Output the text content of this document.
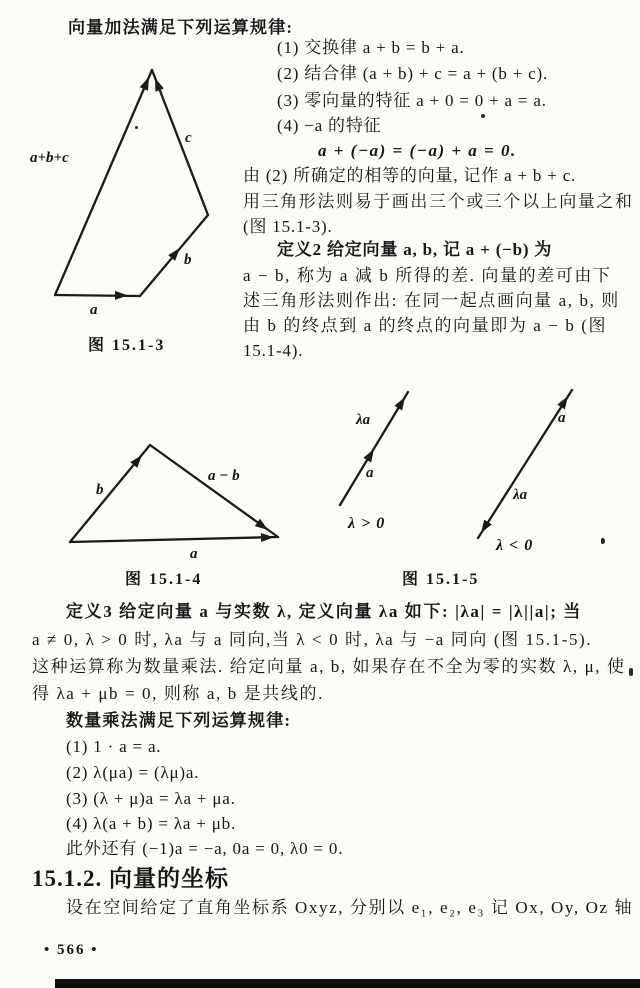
向量加法满足下列运算规律:
a+b+c
c
b
a
图 15.1-3
(1) 交换律 a + b = b + a.
(2) 结合律 (a + b) + c = a + (b + c).
(3) 零向量的特征 a + 0 = 0 + a = a.
(4) −a 的特征
a + (−a) = (−a) + a = 0.
由 (2) 所确定的相等的向量, 记作 a + b + c.
用三角形法则易于画出三个或三个以上向量之和
(图 15.1-3).
定义2 给定向量 a, b, 记 a + (−b) 为
a − b, 称为 a 减 b 所得的差. 向量的差可由下
述三角形法则作出: 在同一起点画向量 a, b, 则
由 b 的终点到 a 的终点的向量即为 a − b (图
15.1-4).
b
a − b
a
图 15.1-4
λa
a
λ > 0
a
λa
λ < 0
图 15.1-5
定义3 给定向量 a 与实数 λ, 定义向量 λa 如下: |λa| = |λ||a|; 当
a ≠ 0, λ > 0 时, λa 与 a 同向,当 λ < 0 时, λa 与 −a 同向 (图 15.1-5).
这种运算称为数量乘法. 给定向量 a, b, 如果存在不全为零的实数 λ, μ, 使
得 λa + μb = 0, 则称 a, b 是共线的.
数量乘法满足下列运算规律:
(1) 1 · a = a.
(2) λ(μa) = (λμ)a.
(3) (λ + μ)a = λa + μa.
(4) λ(a + b) = λa + μb.
此外还有 (−1)a = −a, 0a = 0, λ0 = 0.
15.1.2. 向量的坐标
设在空间给定了直角坐标系 Oxyz, 分别以 e₁, e₂, e₃ 记 Ox, Oy, Oz 轴
• 566 •
